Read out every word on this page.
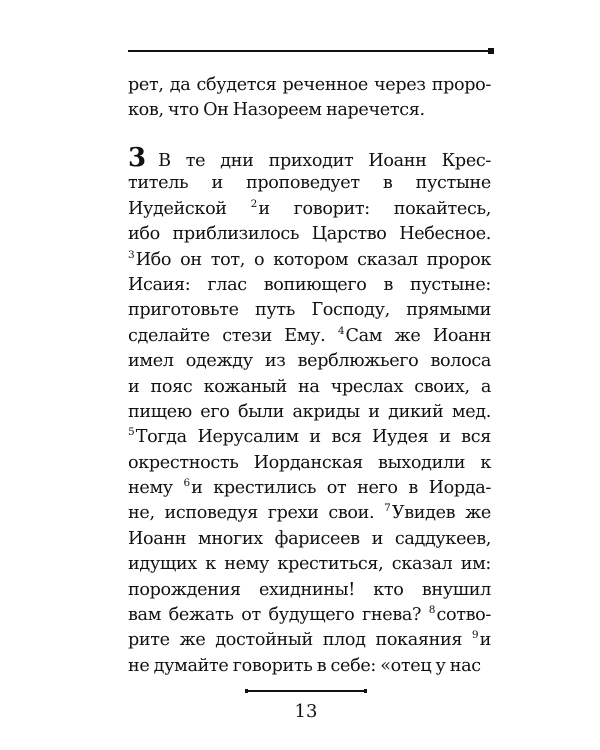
рет, да сбудется реченное через проро-
ков, что Он Назореем наречется.
3 В те дни приходит Иоанн Крес-
титель и проповедует в пустыне
Иудейской $^2$и говорит: покайтесь,
ибо приблизилось Царство Небесное.
$^3$Ибо он тот, о котором сказал пророк
Исаия: глас вопиющего в пустыне:
приготовьте путь Господу, прямыми
сделайте стези Ему. $^4$Сам же Иоанн
имел одежду из верблюжьего волоса
и пояс кожаный на чреслах своих, а
пищею его были акриды и дикий мед.
$^5$Тогда Иерусалим и вся Иудея и вся
окрестность Иорданская выходили к
нему $^6$и крестились от него в Иорда-
не, исповедуя грехи свои. $^7$Увидев же
Иоанн многих фарисеев и саддукеев,
идущих к нему креститься, сказал им:
порождения ехиднины! кто внушил
вам бежать от будущего гнева? $^8$сотво-
рите же достойный плод покаяния $^9$и
не думайте говорить в себе: «отец у нас
13
